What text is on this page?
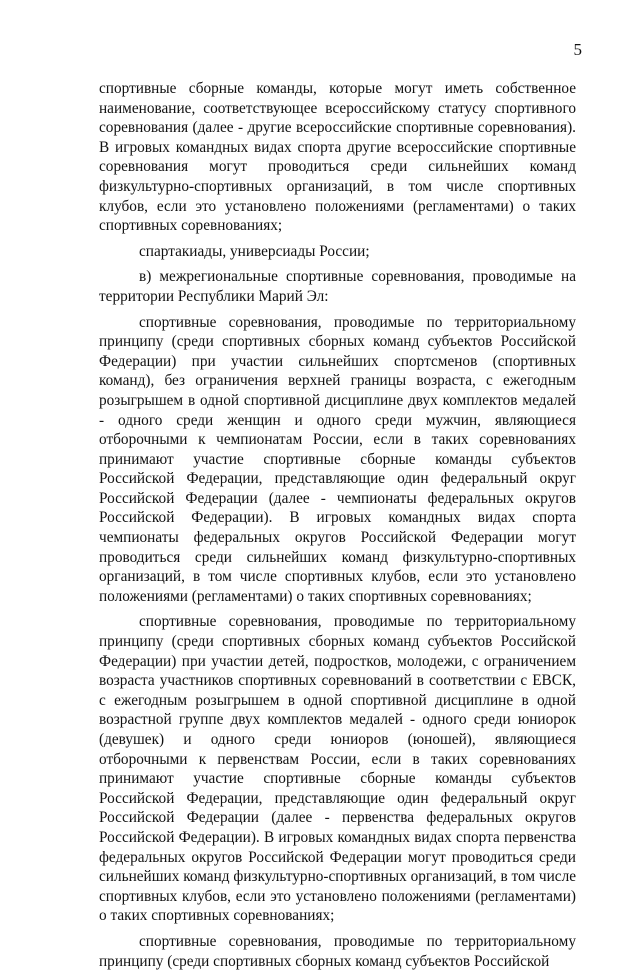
5

спортивные сборные команды, которые могут иметь собственное наименование, соответствующее всероссийскому статусу спортивного соревнования (далее - другие всероссийские спортивные соревнования). В игровых командных видах спорта другие всероссийские спортивные соревнования могут проводиться среди сильнейших команд физкультурно-спортивных организаций, в том числе спортивных клубов, если это установлено положениями (регламентами) о таких спортивных соревнованиях;

спартакиады, универсиады России;

в) межрегиональные спортивные соревнования, проводимые на территории Республики Марий Эл:

спортивные соревнования, проводимые по территориальному принципу (среди спортивных сборных команд субъектов Российской Федерации) при участии сильнейших спортсменов (спортивных команд), без ограничения верхней границы возраста, с ежегодным розыгрышем в одной спортивной дисциплине двух комплектов медалей - одного среди женщин и одного среди мужчин, являющиеся отборочными к чемпионатам России, если в таких соревнованиях принимают участие спортивные сборные команды субъектов Российской Федерации, представляющие один федеральный округ Российской Федерации (далее - чемпионаты федеральных округов Российской Федерации). В игровых командных видах спорта чемпионаты федеральных округов Российской Федерации могут проводиться среди сильнейших команд физкультурно-спортивных организаций, в том числе спортивных клубов, если это установлено положениями (регламентами) о таких спортивных соревнованиях;

спортивные соревнования, проводимые по территориальному принципу (среди спортивных сборных команд субъектов Российской Федерации) при участии детей, подростков, молодежи, с ограничением возраста участников спортивных соревнований в соответствии с ЕВСК, с ежегодным розыгрышем в одной спортивной дисциплине в одной возрастной группе двух комплектов медалей - одного среди юниорок (девушек) и одного среди юниоров (юношей), являющиеся отборочными к первенствам России, если в таких соревнованиях принимают участие спортивные сборные команды субъектов Российской Федерации, представляющие один федеральный округ Российской Федерации (далее - первенства федеральных округов Российской Федерации). В игровых командных видах спорта первенства федеральных округов Российской Федерации могут проводиться среди сильнейших команд физкультурно-спортивных организаций, в том числе спортивных клубов, если это установлено положениями (регламентами) о таких спортивных соревнованиях;

спортивные соревнования, проводимые по территориальному принципу (среди спортивных сборных команд субъектов Российской
